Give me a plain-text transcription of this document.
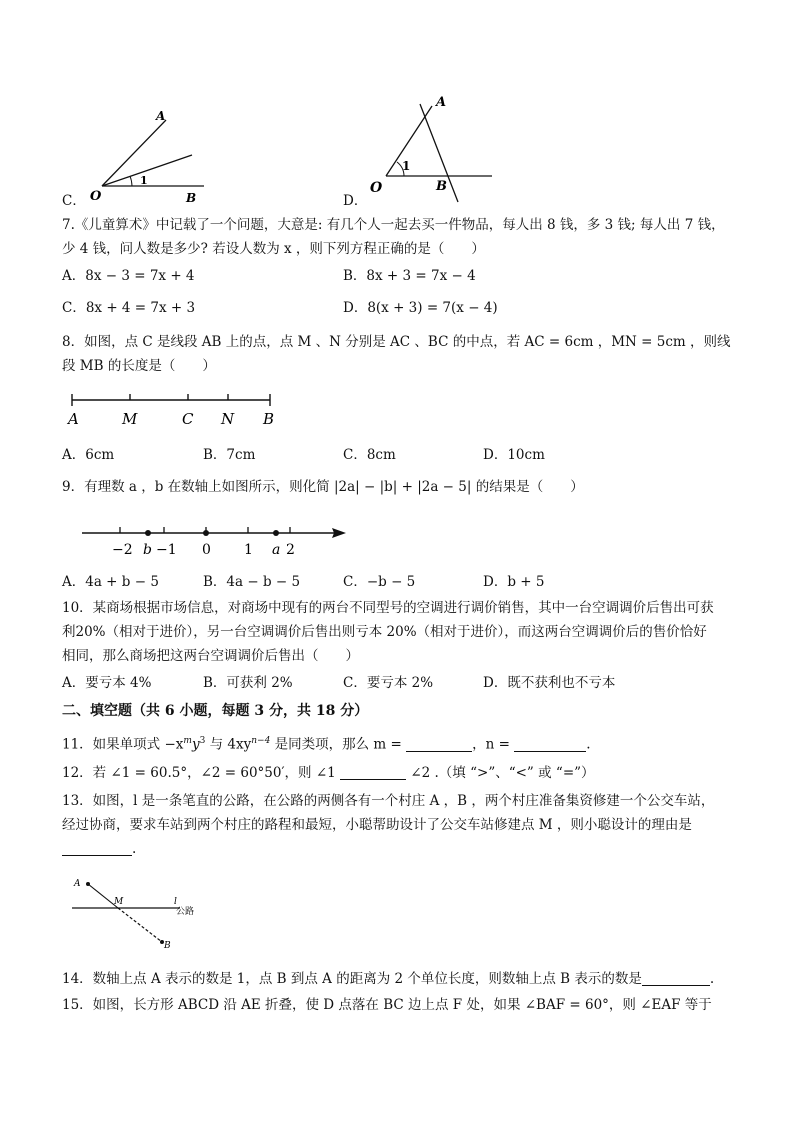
A
O	B
1
C．
A
O	B
1
D．
7.《儿童算术》中记载了一个问题，大意是: 有几个人一起去买一件物品，每人出 8 钱，多 3 钱; 每人出 7 钱，
少 4 钱，问人数是多少? 若设人数为 x ，则下列方程正确的是（　　）
A．8x − 3 = 7x + 4	B．8x + 3 = 7x − 4
C．8x + 4 = 7x + 3	D．8(x + 3) = 7(x − 4)
8．如图，点 C 是线段 AB 上的点，点 M 、N 分别是 AC 、BC 的中点，若 AC = 6cm ，MN = 5cm ，则线
段 MB 的长度是（　　）
A	M	C N B
A．6cm	B．7cm	C．8cm	D．10cm
9．有理数 a ，b 在数轴上如图所示，则化简 |2a| − |b| + |2a − 5| 的结果是（　　）
−2 b −1 0 1 a 2
A．4a + b − 5	B．4a − b − 5	C．−b − 5	D．b + 5
10．某商场根据市场信息，对商场中现有的两台不同型号的空调进行调价销售，其中一台空调调价后售出可获
利20%（相对于进价），另一台空调调价后售出则亏本 20%（相对于进价），而这两台空调调价后的售价恰好
相同，那么商场把这两台空调调价后售出（　　）
A．要亏本 4%	B．可获利 2%	C．要亏本 2%	D．既不获利也不亏本
二、填空题（共 6 小题，每题 3 分，共 18 分）
11．如果单项式 $-x^my^3$ 与 $4xy^{n-4}$ 是同类项，那么 m =	，n =	.
12．若 ∠1 = 60.5°，∠2 = 60°50′，则 ∠1	∠2 .（填 “>”、“<” 或 “=”）
13．如图，l 是一条笔直的公路，在公路的两侧各有一个村庄 A ，B ，两个村庄准备集资修建一个公交车站，
经过协商，要求车站到两个村庄的路程和最短，小聪帮助设计了公交车站修建点 M ，则小聪设计的理由是
.
A
M	l
公路
B
14．数轴上点 A 表示的数是 1，点 B 到点 A 的距离为 2 个单位长度，则数轴上点 B 表示的数是	.
15．如图，长方形 ABCD 沿 AE 折叠，使 D 点落在 BC 边上点 F 处，如果 ∠BAF = 60°，则 ∠EAF 等于
